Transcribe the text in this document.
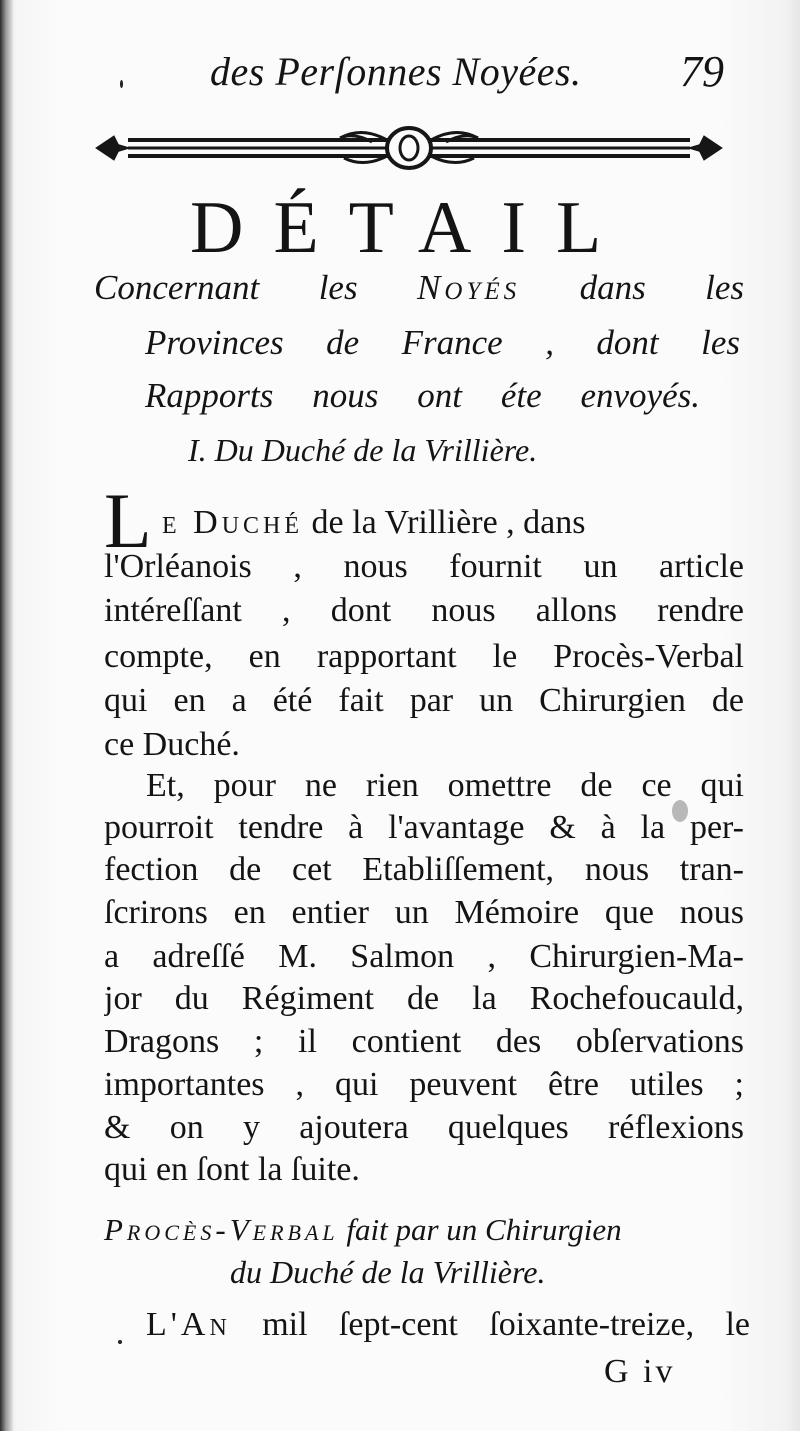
des Perſonnes Noyées.	79
DÉTAIL
Concernant les Noyés dans les
Provinces de France , dont les
Rapports nous ont éte envoyés.
I. Du Duché de la Vrillière.
L e Duché de la Vrillière , dans
l'Orléanois , nous fournit un article
intéreſſant , dont nous allons rendre
compte, en rapportant le Procès-Verbal
qui en a été fait par un Chirurgien de
ce Duché.
Et, pour ne rien omettre de ce qui
pourroit tendre à l'avantage & à la per-
fection de cet Etabliſſement, nous tran-
ſcrirons en entier un Mémoire que nous
a adreſſé M. Salmon , Chirurgien-Ma-
jor du Régiment de la Rochefoucauld,
Dragons ; il contient des obſervations
importantes , qui peuvent être utiles ;
& on y ajoutera quelques réflexions
qui en ſont la ſuite.
Procès-Verbal fait par un Chirurgien
du Duché de la Vrillière.
L'An mil ſept-cent ſoixante-treize, le
G iv
